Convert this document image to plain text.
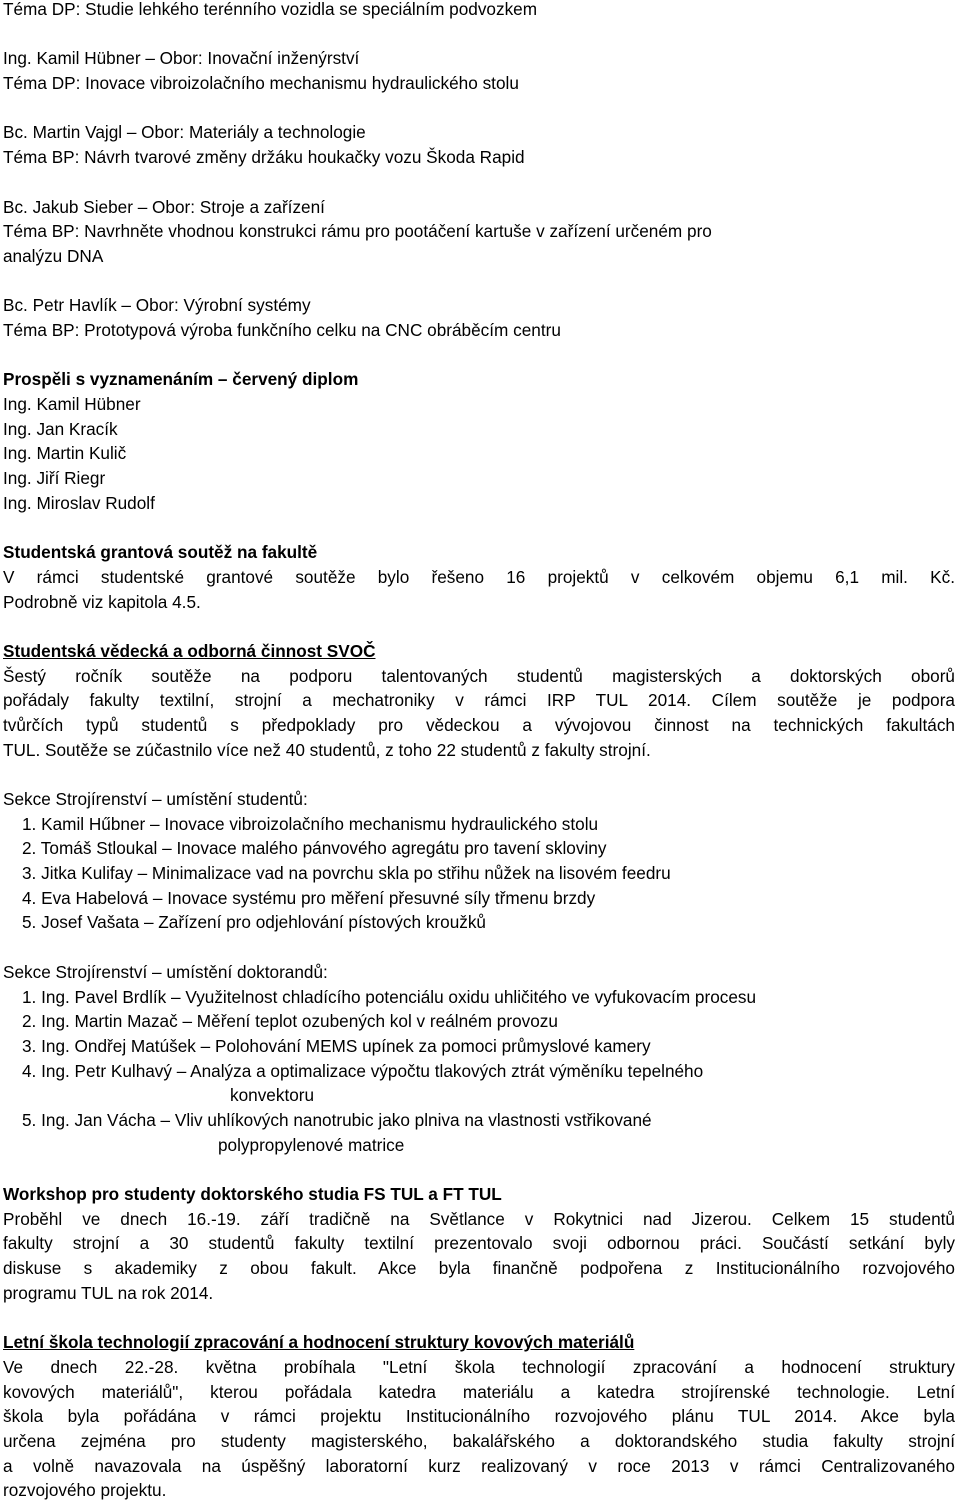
Téma DP: Studie lehkého terénního vozidla se speciálním podvozkem
Ing. Kamil Hübner – Obor: Inovační inženýrství
Téma DP: Inovace vibroizolačního mechanismu hydraulického stolu
Bc. Martin Vajgl – Obor: Materiály a technologie
Téma BP: Návrh tvarové změny držáku houkačky vozu Škoda Rapid
Bc. Jakub Sieber – Obor: Stroje a zařízení
Téma BP: Navrhněte vhodnou konstrukci rámu pro pootáčení kartuše v zařízení určeném pro
analýzu DNA
Bc. Petr Havlík – Obor: Výrobní systémy
Téma BP: Prototypová výroba funkčního celku na CNC obráběcím centru
Prospěli s vyznamenáním – červený diplom
Ing. Kamil Hübner
Ing. Jan Kracík
Ing. Martin Kulič
Ing. Jiří Riegr
Ing. Miroslav Rudolf
Studentská grantová soutěž na fakultě
V rámci studentské grantové soutěže bylo řešeno 16 projektů v celkovém objemu 6,1 mil. Kč.
Podrobně viz kapitola 4.5.
Studentská vědecká a odborná činnost SVOČ
Šestý ročník soutěže na podporu talentovaných studentů magisterských a doktorských oborů
pořádaly fakulty textilní, strojní a mechatroniky v rámci IRP TUL 2014. Cílem soutěže je podpora
tvůrčích typů studentů s předpoklady pro vědeckou a vývojovou činnost na technických fakultách
TUL. Soutěže se zúčastnilo více než 40 studentů, z toho 22 studentů z fakulty strojní.
Sekce Strojírenství – umístění studentů:
1. Kamil Hűbner – Inovace vibroizolačního mechanismu hydraulického stolu
2. Tomáš Stloukal – Inovace malého pánvového agregátu pro tavení skloviny
3. Jitka Kulifay – Minimalizace vad na povrchu skla po střihu nůžek na lisovém feedru
4. Eva Habelová – Inovace systému pro měření přesuvné síly třmenu brzdy
5. Josef Vašata – Zařízení pro odjehlování pístových kroužků
Sekce Strojírenství – umístění doktorandů:
1. Ing. Pavel Brdlík – Využitelnost chladícího potenciálu oxidu uhličitého ve vyfukovacím procesu
2. Ing. Martin Mazač – Měření teplot ozubených kol v reálném provozu
3. Ing. Ondřej Matúšek – Polohování MEMS upínek za pomoci průmyslové kamery
4. Ing. Petr Kulhavý – Analýza a optimalizace výpočtu tlakových ztrát výměníku tepelného
konvektoru
5. Ing. Jan Vácha – Vliv uhlíkových nanotrubic jako plniva na vlastnosti vstřikované
polypropylenové matrice
Workshop pro studenty doktorského studia FS TUL a FT TUL
Proběhl ve dnech 16.-19. září tradičně na Světlance v Rokytnici nad Jizerou. Celkem 15 studentů
fakulty strojní a 30 studentů fakulty textilní prezentovalo svoji odbornou práci. Součástí setkání byly
diskuse s akademiky z obou fakult. Akce byla finančně podpořena z Institucionálního rozvojového
programu TUL na rok 2014.
Letní škola technologií zpracování a hodnocení struktury kovových materiálů
Ve dnech 22.-28. května probíhala "Letní škola technologií zpracování a hodnocení struktury
kovových materiálů", kterou pořádala katedra materiálu a katedra strojírenské technologie. Letní
škola byla pořádána v rámci projektu Institucionálního rozvojového plánu TUL 2014. Akce byla
určena zejména pro studenty magisterského, bakalářského a doktorandského studia fakulty strojní
a volně navazovala na úspěšný laboratorní kurz realizovaný v roce 2013 v rámci Centralizovaného
rozvojového projektu.
